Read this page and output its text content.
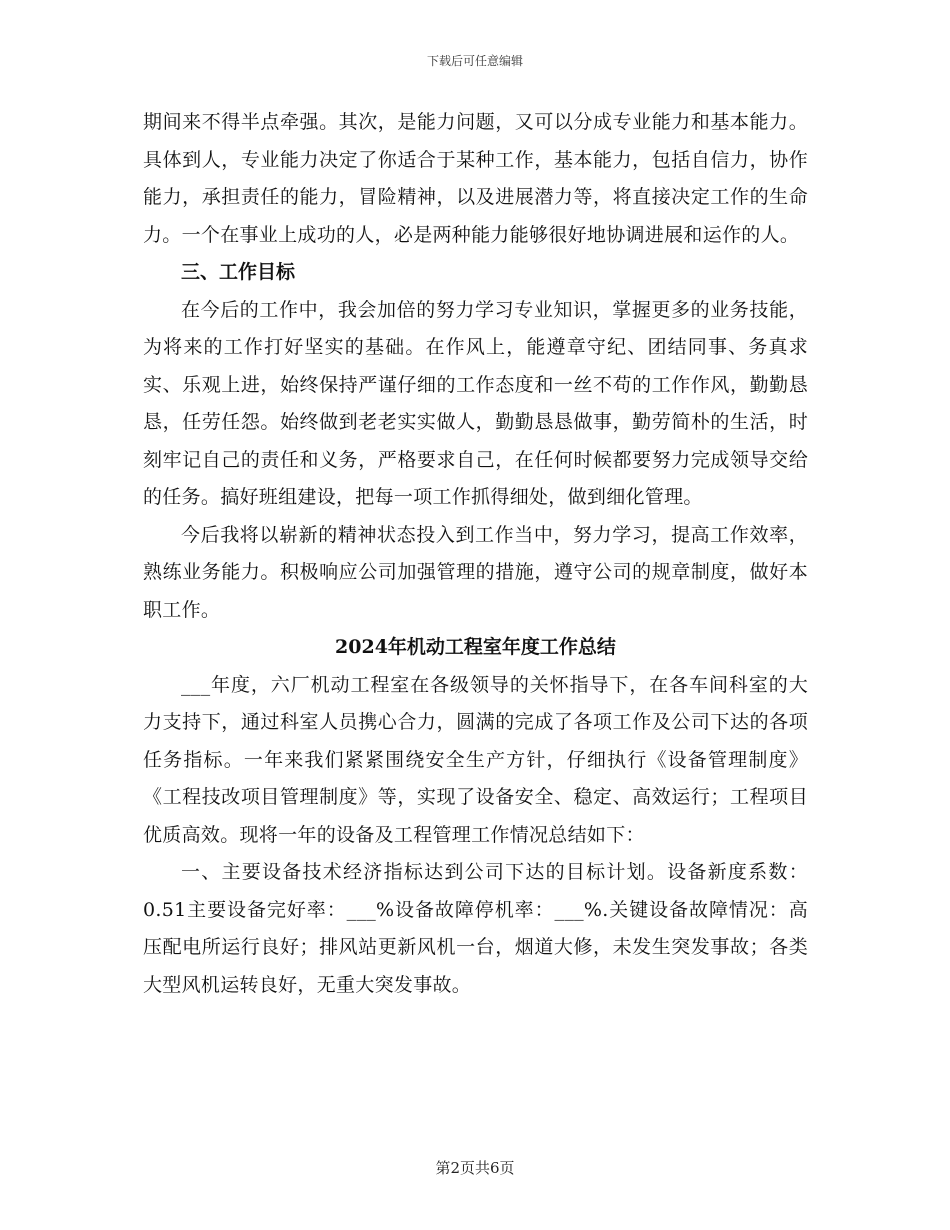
下载后可任意编辑

期间来不得半点牵强。其次，是能力问题，又可以分成专业能力和基本能力。具体到人，专业能力决定了你适合于某种工作，基本能力，包括自信力，协作能力，承担责任的能力，冒险精神，以及进展潜力等，将直接决定工作的生命力。一个在事业上成功的人，必是两种能力能够很好地协调进展和运作的人。

三、工作目标

在今后的工作中，我会加倍的努力学习专业知识，掌握更多的业务技能，为将来的工作打好坚实的基础。在作风上，能遵章守纪、团结同事、务真求实、乐观上进，始终保持严谨仔细的工作态度和一丝不苟的工作作风，勤勤恳恳，任劳任怨。始终做到老老实实做人，勤勤恳恳做事，勤劳简朴的生活，时刻牢记自己的责任和义务，严格要求自己，在任何时候都要努力完成领导交给的任务。搞好班组建设，把每一项工作抓得细处，做到细化管理。

今后我将以崭新的精神状态投入到工作当中，努力学习，提高工作效率，熟练业务能力。积极响应公司加强管理的措施，遵守公司的规章制度，做好本职工作。

2024年机动工程室年度工作总结

___年度，六厂机动工程室在各级领导的关怀指导下，在各车间科室的大力支持下，通过科室人员携心合力，圆满的完成了各项工作及公司下达的各项任务指标。一年来我们紧紧围绕安全生产方针，仔细执行《设备管理制度》《工程技改项目管理制度》等，实现了设备安全、稳定、高效运行；工程项目优质高效。现将一年的设备及工程管理工作情况总结如下：

一、主要设备技术经济指标达到公司下达的目标计划。设备新度系数：0.51主要设备完好率：___%设备故障停机率：___%.关键设备故障情况：高压配电所运行良好；排风站更新风机一台，烟道大修，未发生突发事故；各类大型风机运转良好，无重大突发事故。

第2页共6页
